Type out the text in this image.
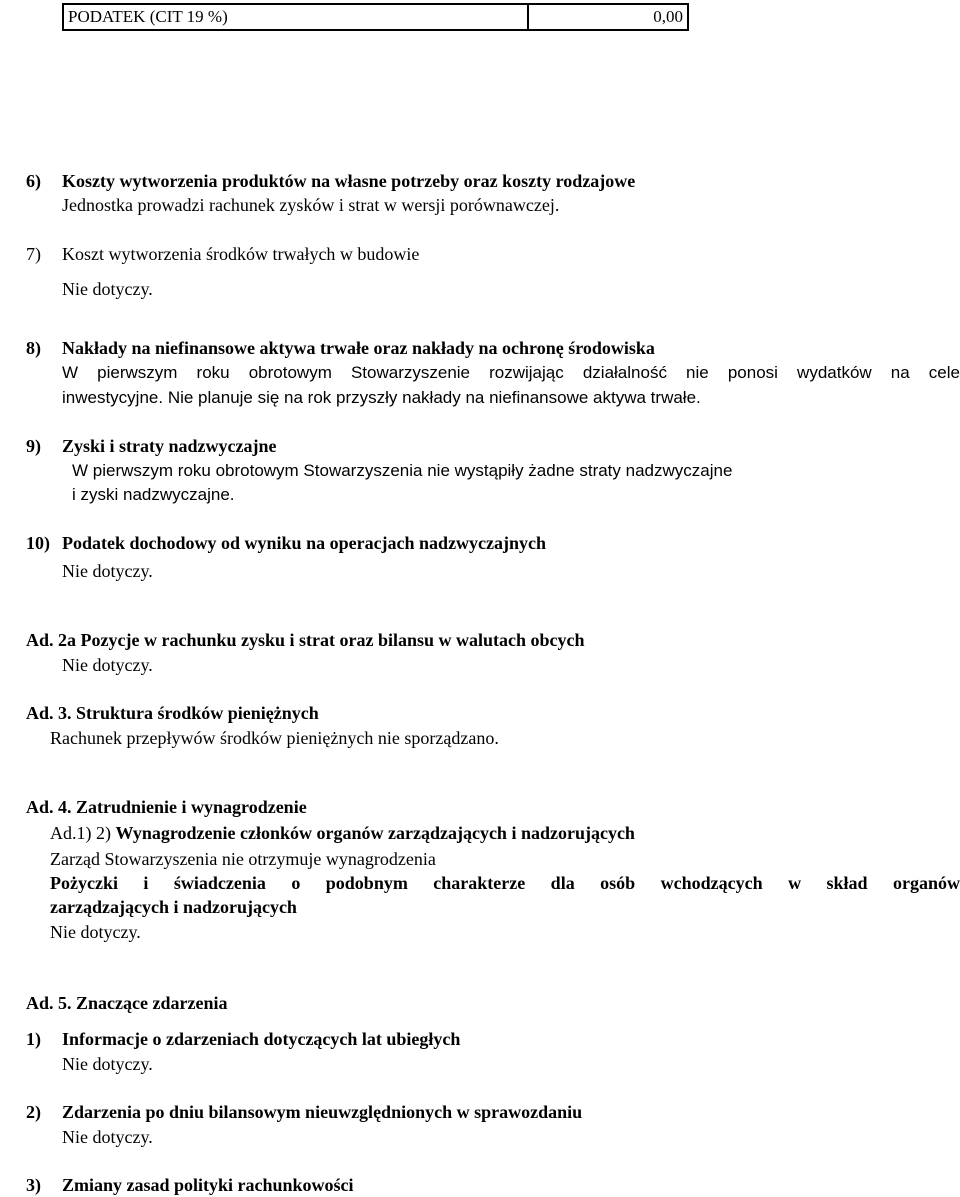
PODATEK (CIT 19 %)	0,00
6) Koszty wytworzenia produktów na własne potrzeby oraz koszty rodzajowe
Jednostka prowadzi rachunek zysków i strat w wersji porównawczej.
7) Koszt wytworzenia środków trwałych w budowie
Nie dotyczy.
8) Nakłady na niefinansowe aktywa trwałe oraz nakłady na ochronę środowiska
W pierwszym roku obrotowym Stowarzyszenie rozwijając działalność nie ponosi wydatków na cele
inwestycyjne. Nie planuje się na rok przyszły nakłady na niefinansowe aktywa trwałe.
9) Zyski i straty nadzwyczajne
W pierwszym roku obrotowym Stowarzyszenia nie wystąpiły żadne straty nadzwyczajne
i zyski nadzwyczajne.
10) Podatek dochodowy od wyniku na operacjach nadzwyczajnych
Nie dotyczy.
Ad. 2a Pozycje w rachunku zysku i strat oraz bilansu w walutach obcych
Nie dotyczy.
Ad. 3. Struktura środków pieniężnych
Rachunek przepływów środków pieniężnych nie sporządzano.
Ad. 4. Zatrudnienie i wynagrodzenie
Ad.1) 2) Wynagrodzenie członków organów zarządzających i nadzorujących
Zarząd Stowarzyszenia nie otrzymuje wynagrodzenia
Pożyczki i świadczenia o podobnym charakterze dla osób wchodzących w skład organów
zarządzających i nadzorujących
Nie dotyczy.
Ad. 5. Znaczące zdarzenia
1) Informacje o zdarzeniach dotyczących lat ubiegłych
Nie dotyczy.
2) Zdarzenia po dniu bilansowym nieuwzględnionych w sprawozdaniu
Nie dotyczy.
3) Zmiany zasad polityki rachunkowości
